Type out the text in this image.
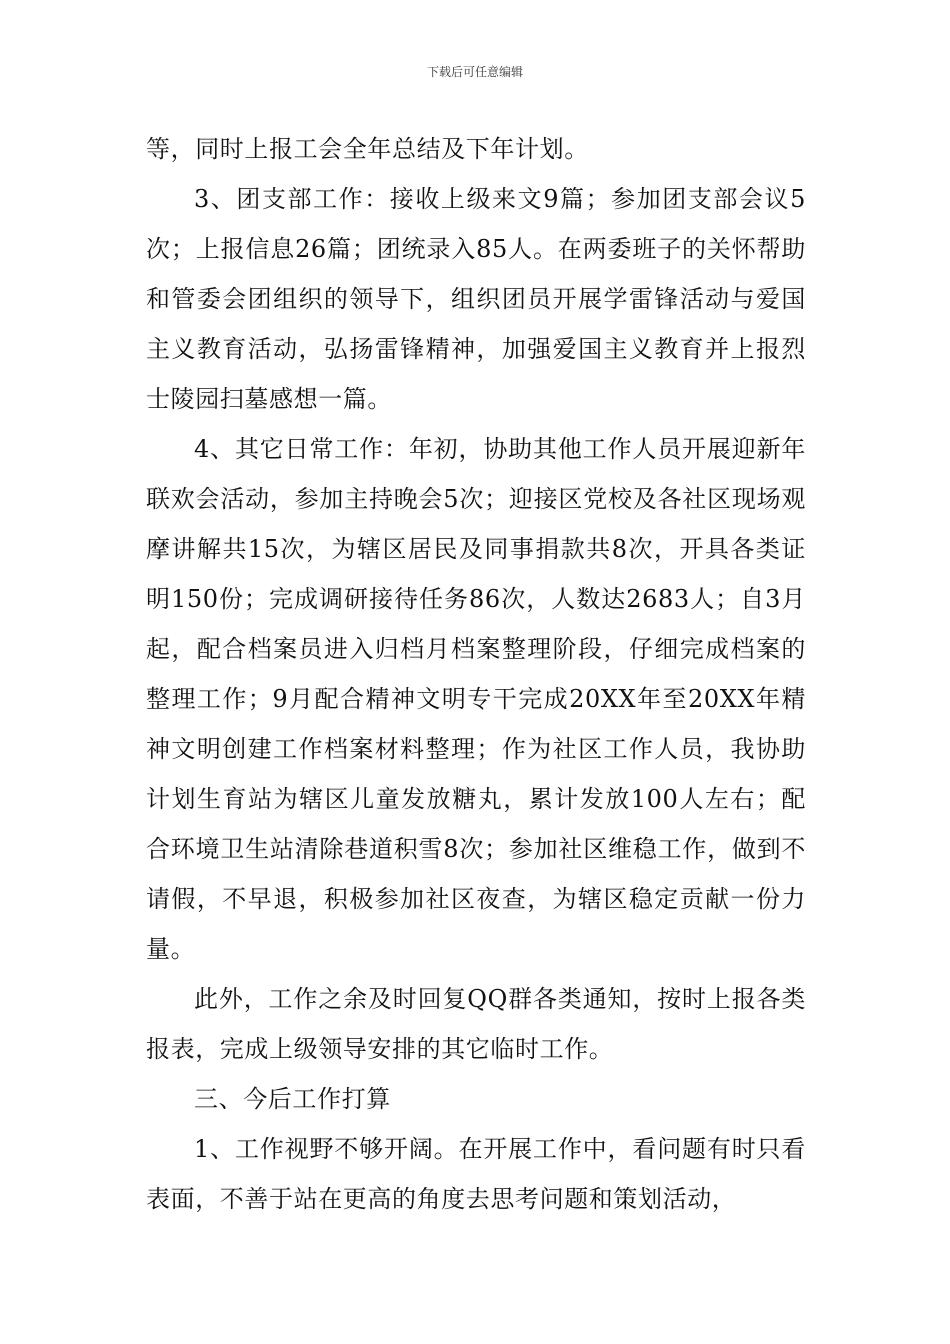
下载后可任意编辑

等，同时上报工会全年总结及下年计划。

3、团支部工作：接收上级来文9篇；参加团支部会议5次；上报信息26篇；团统录入85人。在两委班子的关怀帮助和管委会团组织的领导下，组织团员开展学雷锋活动与爱国主义教育活动，弘扬雷锋精神，加强爱国主义教育并上报烈士陵园扫墓感想一篇。

4、其它日常工作：年初，协助其他工作人员开展迎新年联欢会活动，参加主持晚会5次；迎接区党校及各社区现场观摩讲解共15次，为辖区居民及同事捐款共8次，开具各类证明150份；完成调研接待任务86次，人数达2683人；自3月起，配合档案员进入归档月档案整理阶段，仔细完成档案的整理工作；9月配合精神文明专干完成20XX年至20XX年精神文明创建工作档案材料整理；作为社区工作人员，我协助计划生育站为辖区儿童发放糖丸，累计发放100人左右；配合环境卫生站清除巷道积雪8次；参加社区维稳工作，做到不请假，不早退，积极参加社区夜查，为辖区稳定贡献一份力量。

此外，工作之余及时回复QQ群各类通知，按时上报各类报表，完成上级领导安排的其它临时工作。

三、今后工作打算

1、工作视野不够开阔。在开展工作中，看问题有时只看表面，不善于站在更高的角度去思考问题和策划活动，
